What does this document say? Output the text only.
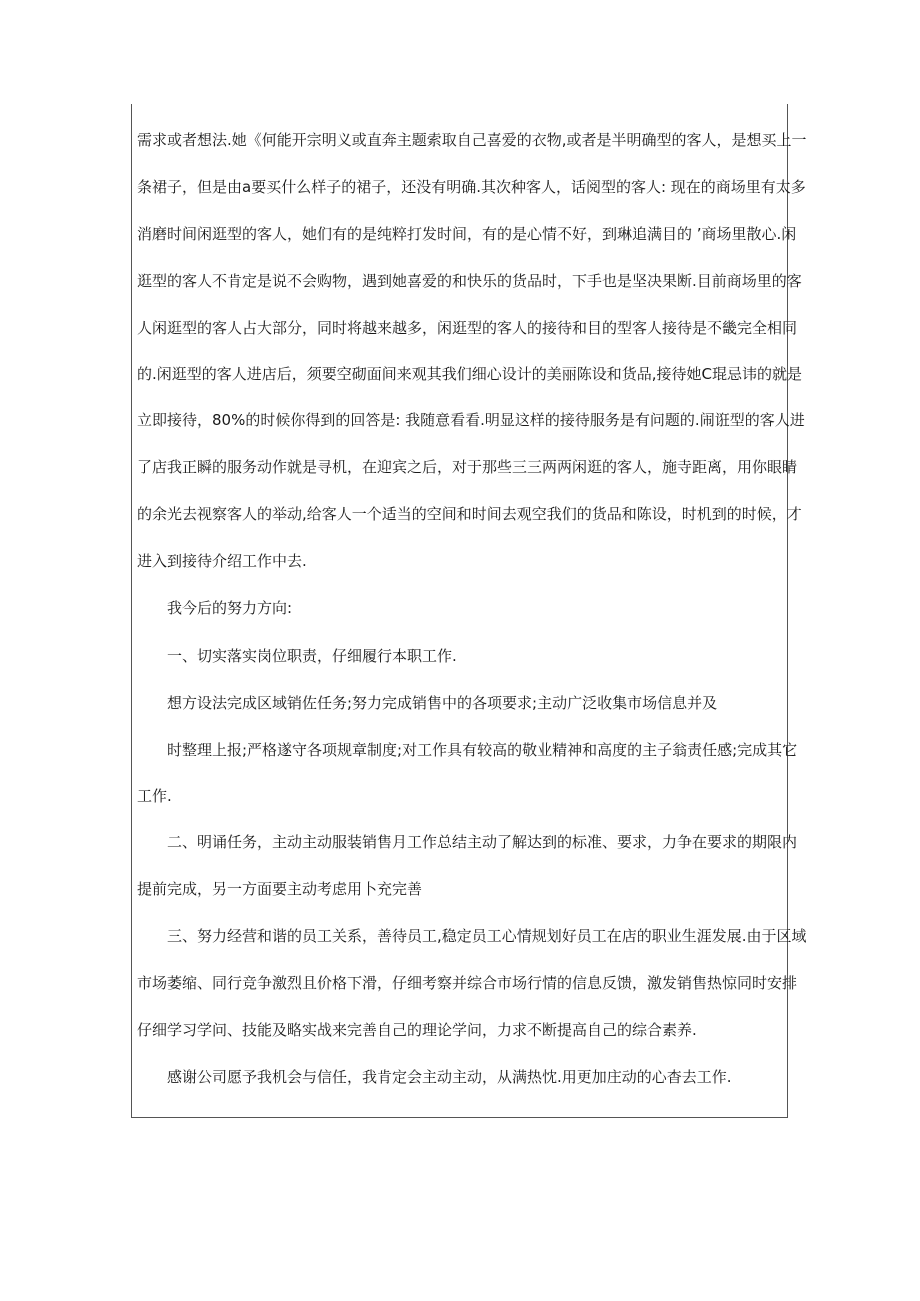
需求或者想法.她《何能开宗明义或直奔主题索取自己喜爱的衣物,或者是半明确型的客人，是想买上一
条裙子，但是由a要买什么样子的裙子，还没有明确.其次种客人，话阅型的客人: 现在的商场里有太多
消磨时间闲逛型的客人，她们有的是纯粹打发时间，有的是心情不好，到琳追满目的 ’商场里散心.闲
逛型的客人不肯定是说不会购物，遇到她喜爱的和快乐的货品时，下手也是坚决果断.目前商场里的客
人闲逛型的客人占大部分，同时将越来越多，闲逛型的客人的接待和目的型客人接待是不畿完全相同
的.闲逛型的客人进店后，须要空砌面间来观其我们细心设计的美丽陈设和货品,接待她C琨忌讳的就是
立即接待，80%的时候你得到的回答是: 我随意看看.明显这样的接待服务是有问题的.闹诳型的客人进
了店我正瞬的服务动作就是寻机，在迎宾之后，对于那些三三两两闲逛的客人，施寺距离，用你眼睛
的余光去视察客人的举动,给客人一个适当的空间和时间去观空我们的货品和陈设，时机到的时候，才
进入到接待介绍工作中去.
我今后的努力方向:
一、切实落实岗位职责，仔细履行本职工作.
想方设法完成区域销佐任务;努力完成销售中的各项要求;主动广泛收集市场信息并及
时整理上报;严格遂守各项规章制度;对工作具有较高的敬业精神和高度的主子翁责任感;完成其它
工作.
二、明诵任务，主动主动服装销售月工作总结主动了解达到的标准、要求，力争在要求的期限内
提前完成，另一方面要主动考虑用卜充完善
三、努力经营和谐的员工关系，善待员工,稳定员工心情规划好员工在店的职业生涯发展.由于区域
市场萎缩、同行竞争激烈且价格下滑，仔细考察并综合市场行情的信息反馈，激发销售热惊同时安排
仔细学习学问、技能及略实战来完善自己的理论学问，力求不断提高自己的综合素养.
感谢公司愿予我机会与信任，我肯定会主动主动，从满热忱.用更加庄动的心杳去工作.
